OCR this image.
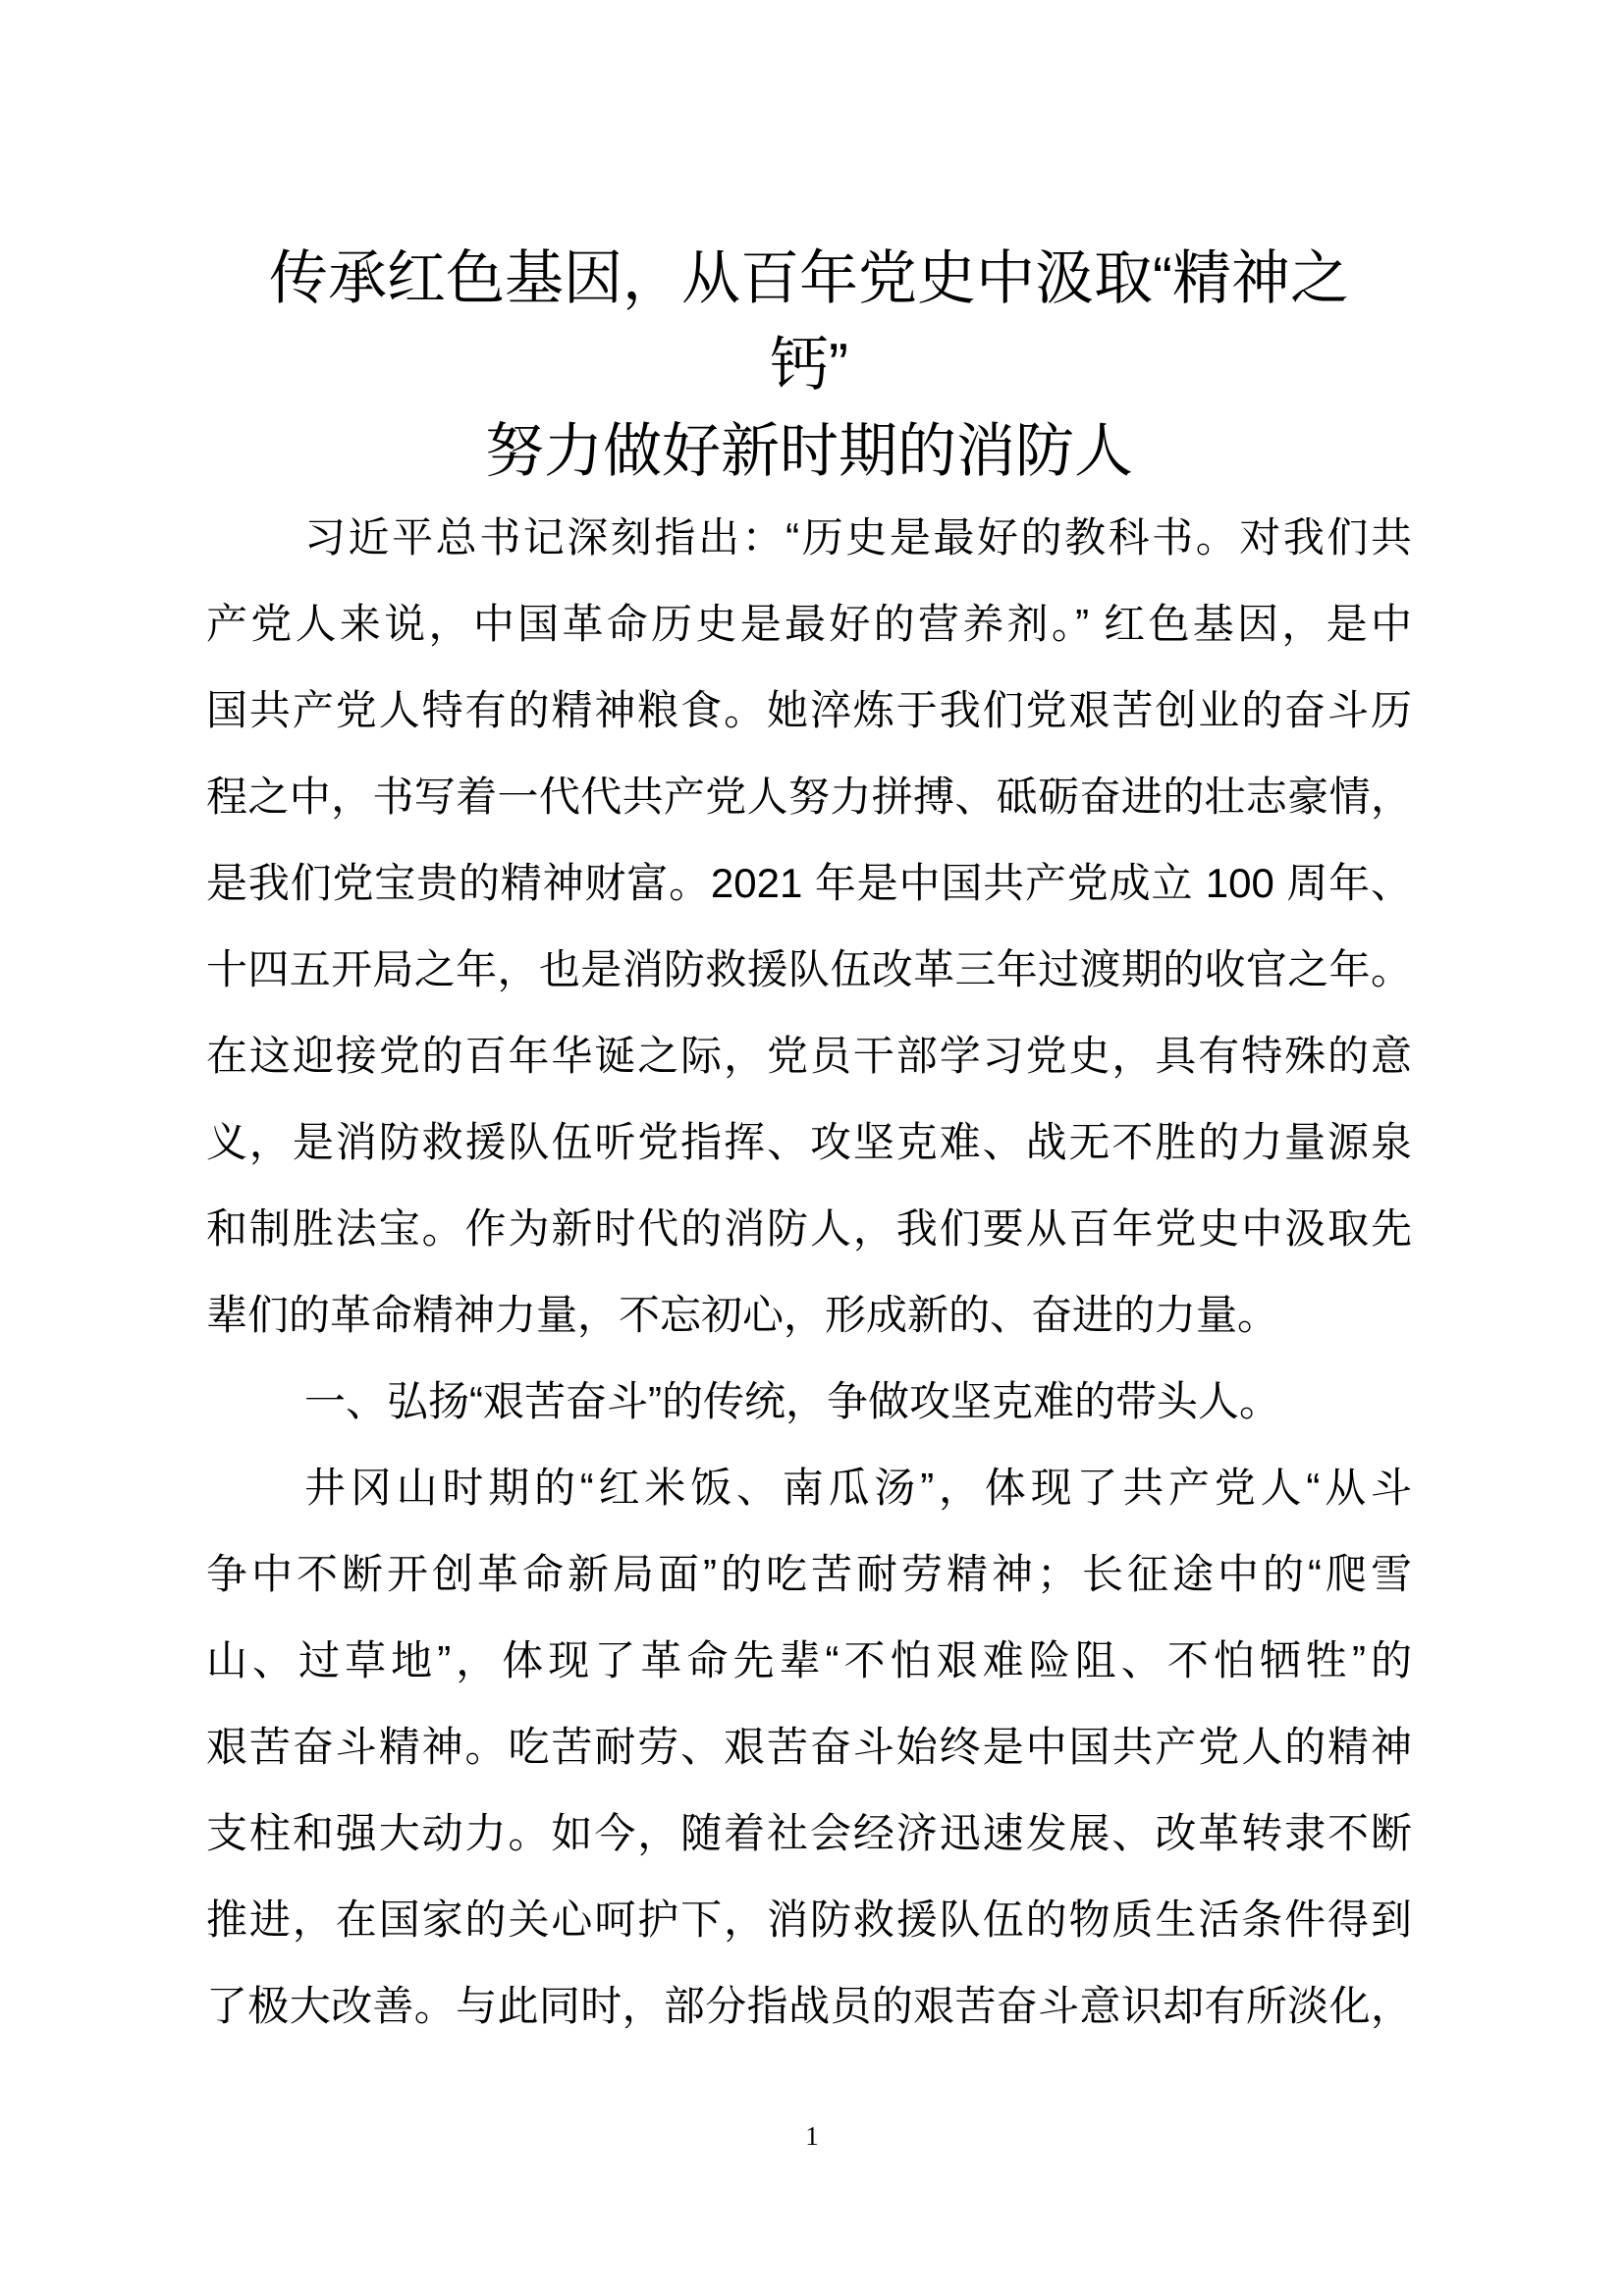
传承红色基因，从百年党史中汲取“精神之
钙”
努力做好新时期的消防人
习近平总书记深刻指出：“历史是最好的教科书。对我们共
产党人来说，中国革命历史是最好的营养剂。” 红色基因，是中
国共产党人特有的精神粮食。她淬炼于我们党艰苦创业的奋斗历
程之中，书写着一代代共产党人努力拼搏、砥砺奋进的壮志豪情，
是我们党宝贵的精神财富。2021 年是中国共产党成立 100 周年、
十四五开局之年，也是消防救援队伍改革三年过渡期的收官之年。
在这迎接党的百年华诞之际，党员干部学习党史，具有特殊的意
义，是消防救援队伍听党指挥、攻坚克难、战无不胜的力量源泉
和制胜法宝。作为新时代的消防人，我们要从百年党史中汲取先
辈们的革命精神力量，不忘初心，形成新的、奋进的力量。
一、弘扬“艰苦奋斗”的传统，争做攻坚克难的带头人。
井冈山时期的“红米饭、南瓜汤”，体现了共产党人“从斗
争中不断开创革命新局面”的吃苦耐劳精神；长征途中的“爬雪
山、过草地”，体现了革命先辈“不怕艰难险阻、不怕牺牲”的
艰苦奋斗精神。吃苦耐劳、艰苦奋斗始终是中国共产党人的精神
支柱和强大动力。如今，随着社会经济迅速发展、改革转隶不断
推进，在国家的关心呵护下，消防救援队伍的物质生活条件得到
了极大改善。与此同时，部分指战员的艰苦奋斗意识却有所淡化，
1
